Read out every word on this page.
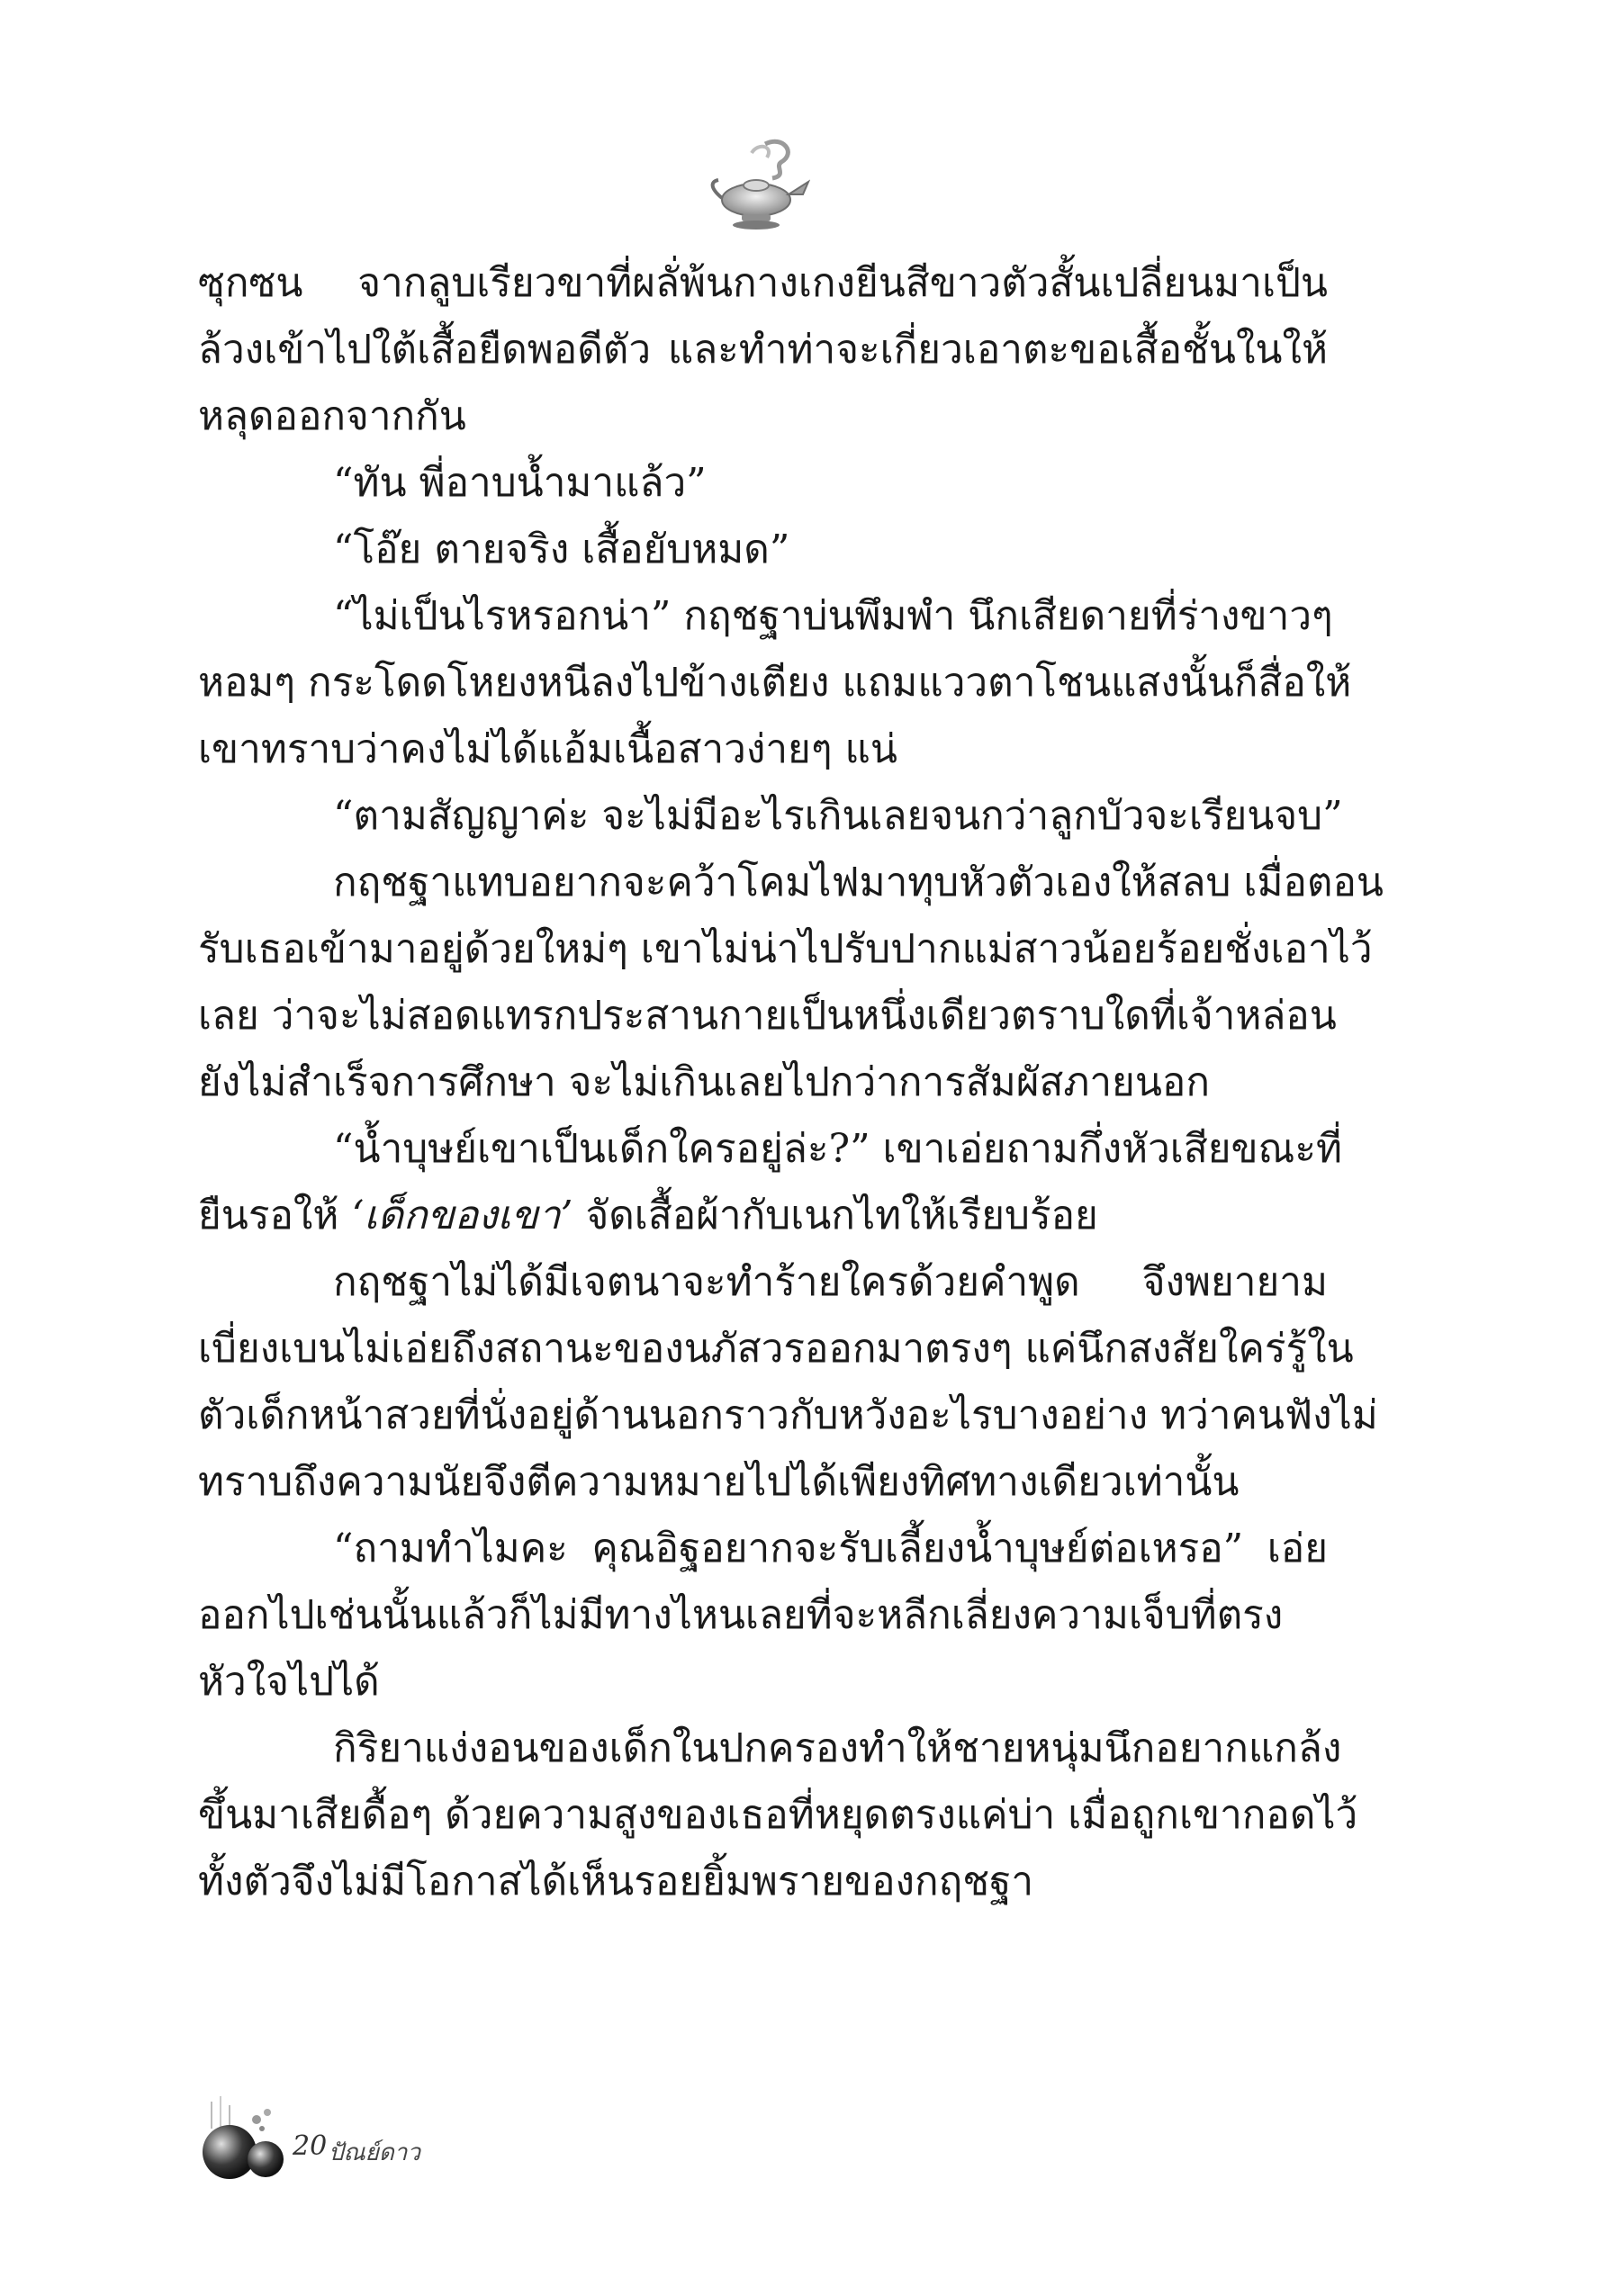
ซุกซน จากลูบเรียวขาที่ผลั่พ้นกางเกงยีนสีขาวตัวสั้นเปลี่ยนมาเป็น
ล้วงเข้าไปใต้เสื้อยืดพอดีตัว และทำท่าจะเกี่ยวเอาตะขอเสื้อชั้นในให้
หลุดออกจากกัน
“ทัน พี่อาบน้ำมาแล้ว”
“โอ๊ย ตายจริง เสื้อยับหมด”
“ไม่เป็นไรหรอกน่า” กฤชฐาบ่นพึมพำ นึกเสียดายที่ร่างขาวๆ
หอมๆ กระโดดโหยงหนีลงไปข้างเตียง แถมแววตาโชนแสงนั้นก็สื่อให้
เขาทราบว่าคงไม่ได้แอ้มเนื้อสาวง่ายๆ แน่
“ตามสัญญาค่ะ จะไม่มีอะไรเกินเลยจนกว่าลูกบัวจะเรียนจบ”
กฤชฐาแทบอยากจะคว้าโคมไฟมาทุบหัวตัวเองให้สลบ เมื่อตอน
รับเธอเข้ามาอยู่ด้วยใหม่ๆ เขาไม่น่าไปรับปากแม่สาวน้อยร้อยชั่งเอาไว้
เลย ว่าจะไม่สอดแทรกประสานกายเป็นหนึ่งเดียวตราบใดที่เจ้าหล่อน
ยังไม่สำเร็จการศึกษา จะไม่เกินเลยไปกว่าการสัมผัสภายนอก
“น้ำบุษย์เขาเป็นเด็กใครอยู่ล่ะ?” เขาเอ่ยถามกึ่งหัวเสียขณะที่
ยืนรอให้ ‘เด็กของเขา’ จัดเสื้อผ้ากับเนกไทให้เรียบร้อย
กฤชฐาไม่ได้มีเจตนาจะทำร้ายใครด้วยคำพูด จึงพยายาม
เบี่ยงเบนไม่เอ่ยถึงสถานะของนภัสวรออกมาตรงๆ แค่นึกสงสัยใคร่รู้ใน
ตัวเด็กหน้าสวยที่นั่งอยู่ด้านนอกราวกับหวังอะไรบางอย่าง ทว่าคนฟังไม่
ทราบถึงความนัยจึงตีความหมายไปได้เพียงทิศทางเดียวเท่านั้น
“ถามทำไมคะ คุณอิฐอยากจะรับเลี้ยงน้ำบุษย์ต่อเหรอ” เอ่ย
ออกไปเช่นนั้นแล้วก็ไม่มีทางไหนเลยที่จะหลีกเลี่ยงความเจ็บที่ตรง
หัวใจไปได้
กิริยาแง่งอนของเด็กในปกครองทำให้ชายหนุ่มนึกอยากแกล้ง
ขึ้นมาเสียดื้อๆ ด้วยความสูงของเธอที่หยุดตรงแค่บ่า เมื่อถูกเขากอดไว้
ทั้งตัวจึงไม่มีโอกาสได้เห็นรอยยิ้มพรายของกฤชฐา
20 ปัณย์ดาว
